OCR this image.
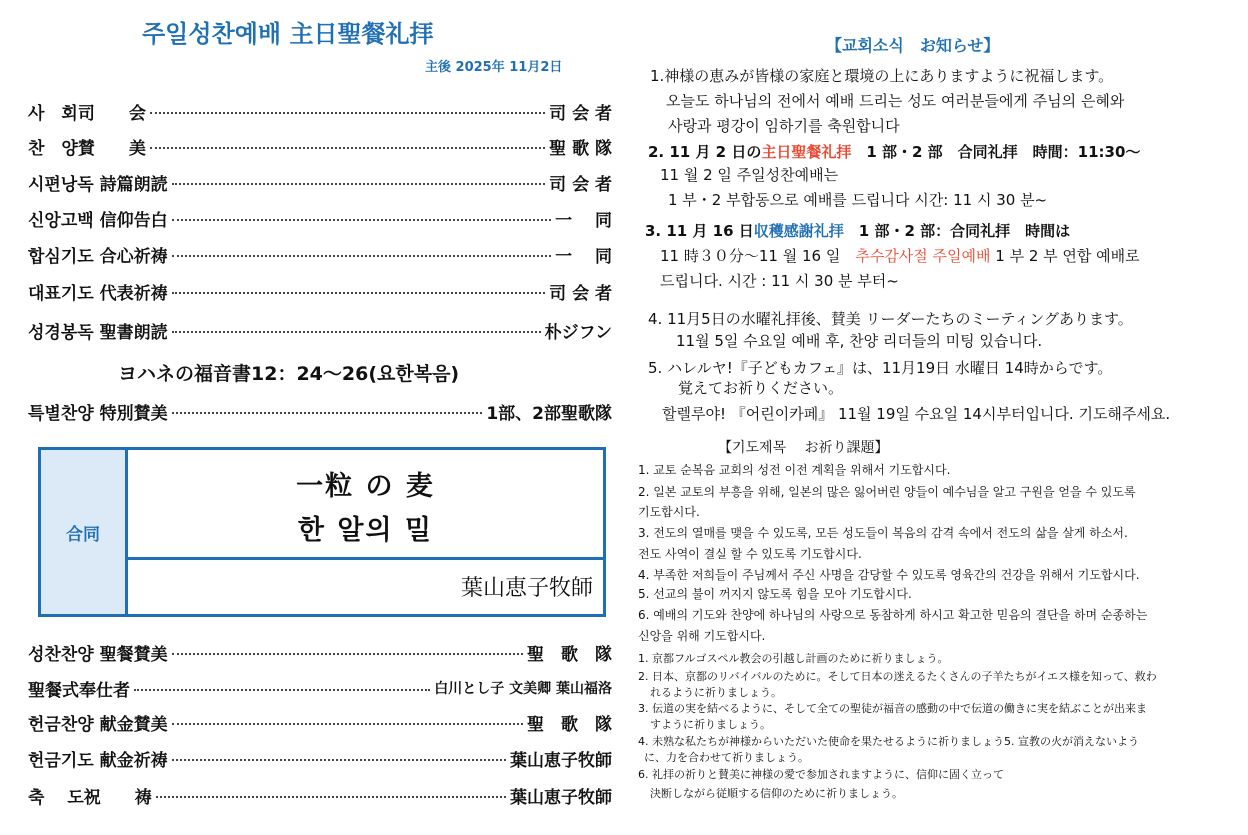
주일성찬예배 主日聖餐礼拝
主後 2025年 11月2日
사　회司　　会	司 会 者
찬　양賛　　美	聖 歌 隊
시편낭독 詩篇朗読	司 会 者
신앙고백 信仰告白	一　 同
합심기도 合心祈祷	一　 同
대표기도 代表祈祷	司 会 者
성경봉독 聖書朗読	朴ジフン
ヨハネの福音書12：24～26(요한복음)
특별찬양 特別賛美	1部、2部聖歌隊
合同
一粒 の 麦
한 알의 밀
葉山恵子牧師
성찬찬양 聖餐賛美	聖　歌　隊
聖餐式奉仕者	白川とし子 文美卿 葉山福洛
헌금찬양 献金賛美	聖　歌　隊
헌금기도 献金祈祷	葉山恵子牧師
축　 도祝　　祷	葉山恵子牧師
【교회소식　お知らせ】
1.神様の恵みが皆様の家庭と環境の上にありますように祝福します。
오늘도 하나님의 전에서 예배 드리는 성도 여러분들에게 주님의 은혜와
사랑과 평강이 임하기를 축원합니다
2. 11 月 2 日の主日聖餐礼拝　1 部・2 部　合同礼拝　時間：11:30～
11 월 2 일 주일성찬예배는
1 부・2 부합동으로 예배를 드립니다 시간: 11 시 30 분~
3. 11 月 16 日収穫感謝礼拝　1 部・2 部：合同礼拝　時間は
11 時３０分～11 월 16 일　추수감사절 주일예배 1 부 2 부 연합 예배로
드립니다. 시간 : 11 시 30 분 부터~
4. 11月5日の水曜礼拝後、賛美 リーダーたちのミーティングあります。
11월 5일 수요일 예배 후, 찬양 리더들의 미팅 있습니다.
5. ハレルヤ!『子どもカフェ』は、11月19日 水曜日 14時からです。
覚えてお祈りください。
할렐루야! 『어린이카페』 11월 19일 수요일 14시부터입니다. 기도해주세요.
【기도제목　 お祈り課題】
1. 교토 순복음 교회의 성전 이전 계획을 위해서 기도합시다.
2. 일본 교토의 부흥을 위해, 일본의 많은 잃어버린 양들이 예수님을 알고 구원을 얻을 수 있도록
기도합시다.
3. 전도의 열매를 맺을 수 있도록, 모든 성도들이 복음의 감격 속에서 전도의 삶을 살게 하소서.
전도 사역이 결실 할 수 있도록 기도합시다.
4. 부족한 저희들이 주님께서 주신 사명을 감당할 수 있도록 영육간의 건강을 위해서 기도합시다.
5. 선교의 불이 꺼지지 않도록 힘을 모아 기도합시다.
6. 예배의 기도와 찬양에 하나님의 사랑으로 동참하게 하시고 확고한 믿음의 결단을 하며 순종하는
신앙을 위해 기도합시다.
1. 京都フルゴスペル教会の引越し計画のために祈りましょう。
2. 日本、京都のリバイバルのために。そして日本の迷えるたくさんの子羊たちがイエス様を知って、救わ
れるように祈りましょう。
3. 伝道の実を結べるように、そして全ての聖徒が福音の感動の中で伝道の働きに実を結ぶことが出来ま
すように祈りましょう。
4. 未熟な私たちが神様からいただいた使命を果たせるように祈りましょう5. 宣教の火が消えないよう
に、力を合わせて祈りましょう。
6. 礼拝の祈りと賛美に神様の愛で参加されますように、信仰に固く立って
決断しながら従順する信仰のために祈りましょう。
